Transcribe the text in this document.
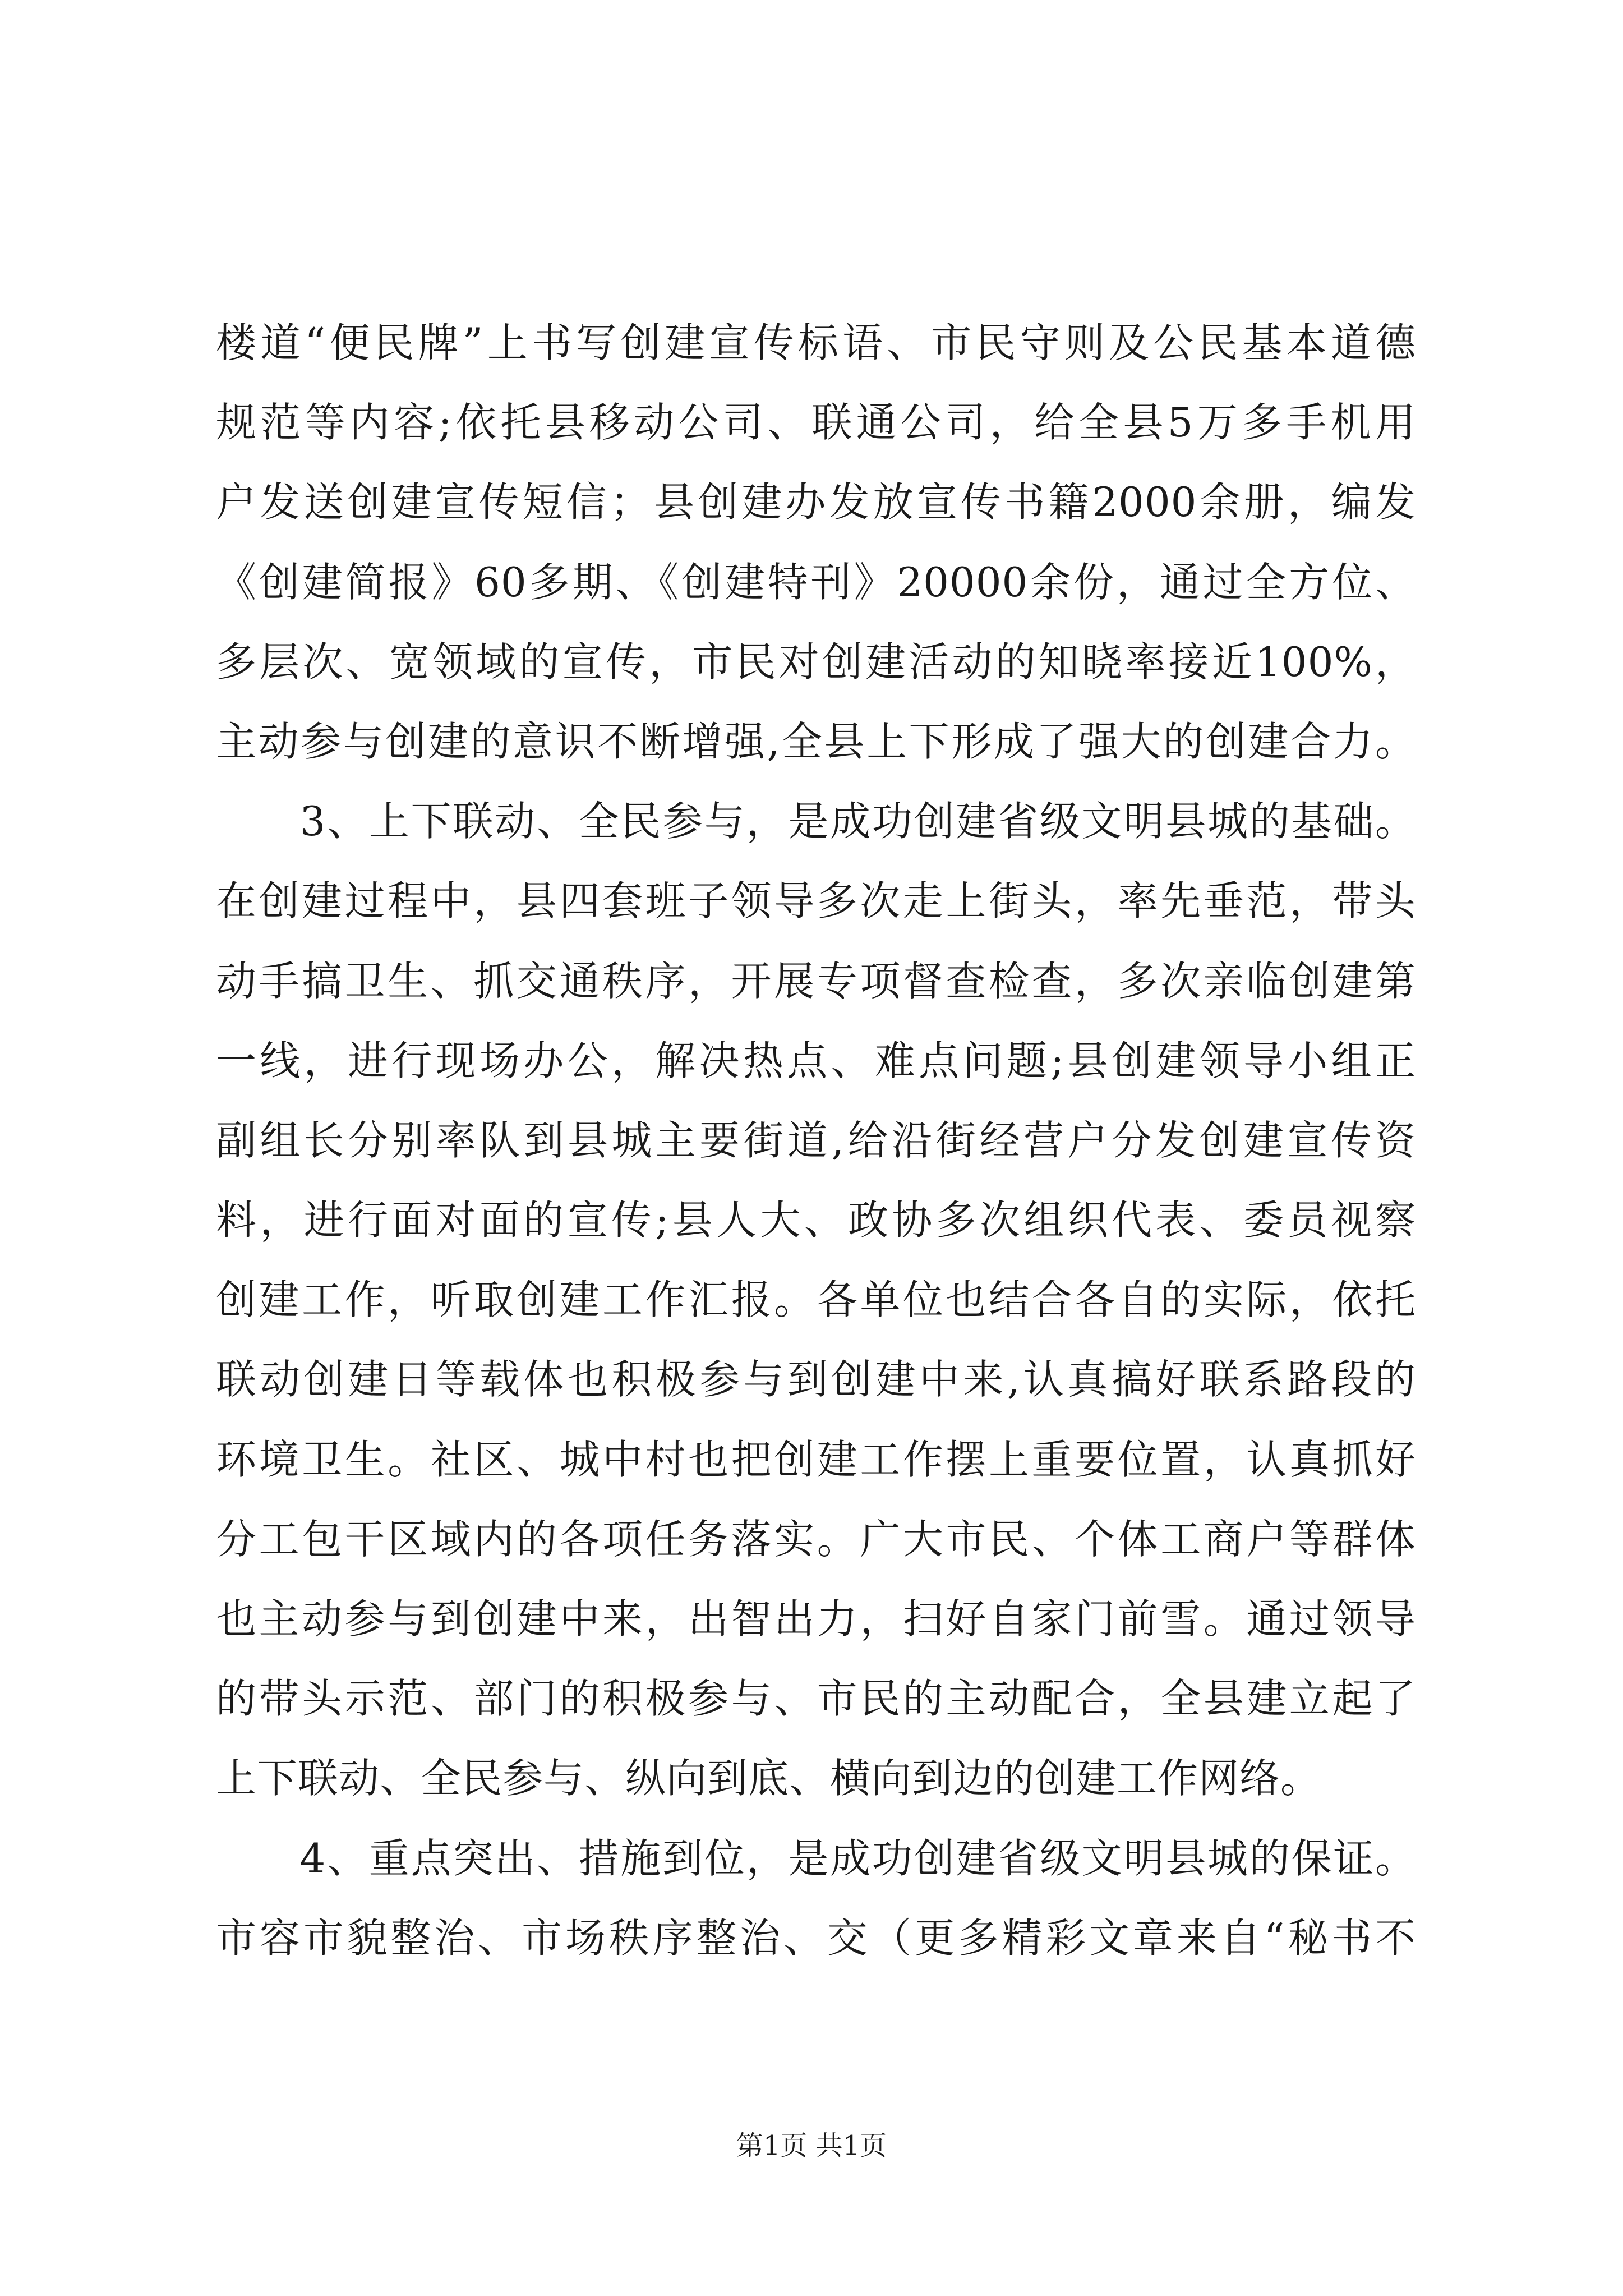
楼道“便民牌”上书写创建宣传标语、市民守则及公民基本道德
规范等内容;依托县移动公司、联通公司，给全县5万多手机用
户发送创建宣传短信；县创建办发放宣传书籍2000余册，编发
《创建简报》60多期、《创建特刊》20000余份，通过全方位、
多层次、宽领域的宣传，市民对创建活动的知晓率接近100%，
主动参与创建的意识不断增强,全县上下形成了强大的创建合力。
　　3、上下联动、全民参与，是成功创建省级文明县城的基础。
在创建过程中，县四套班子领导多次走上街头，率先垂范，带头
动手搞卫生、抓交通秩序，开展专项督查检查，多次亲临创建第
一线，进行现场办公，解决热点、难点问题;县创建领导小组正
副组长分别率队到县城主要街道,给沿街经营户分发创建宣传资
料，进行面对面的宣传;县人大、政协多次组织代表、委员视察
创建工作，听取创建工作汇报。各单位也结合各自的实际，依托
联动创建日等载体也积极参与到创建中来,认真搞好联系路段的
环境卫生。社区、城中村也把创建工作摆上重要位置，认真抓好
分工包干区域内的各项任务落实。广大市民、个体工商户等群体
也主动参与到创建中来，出智出力，扫好自家门前雪。通过领导
的带头示范、部门的积极参与、市民的主动配合，全县建立起了
上下联动、全民参与、纵向到底、横向到边的创建工作网络。
　　4、重点突出、措施到位，是成功创建省级文明县城的保证。
市容市貌整治、市场秩序整治、交（更多精彩文章来自“秘书不
第1页 共1页
